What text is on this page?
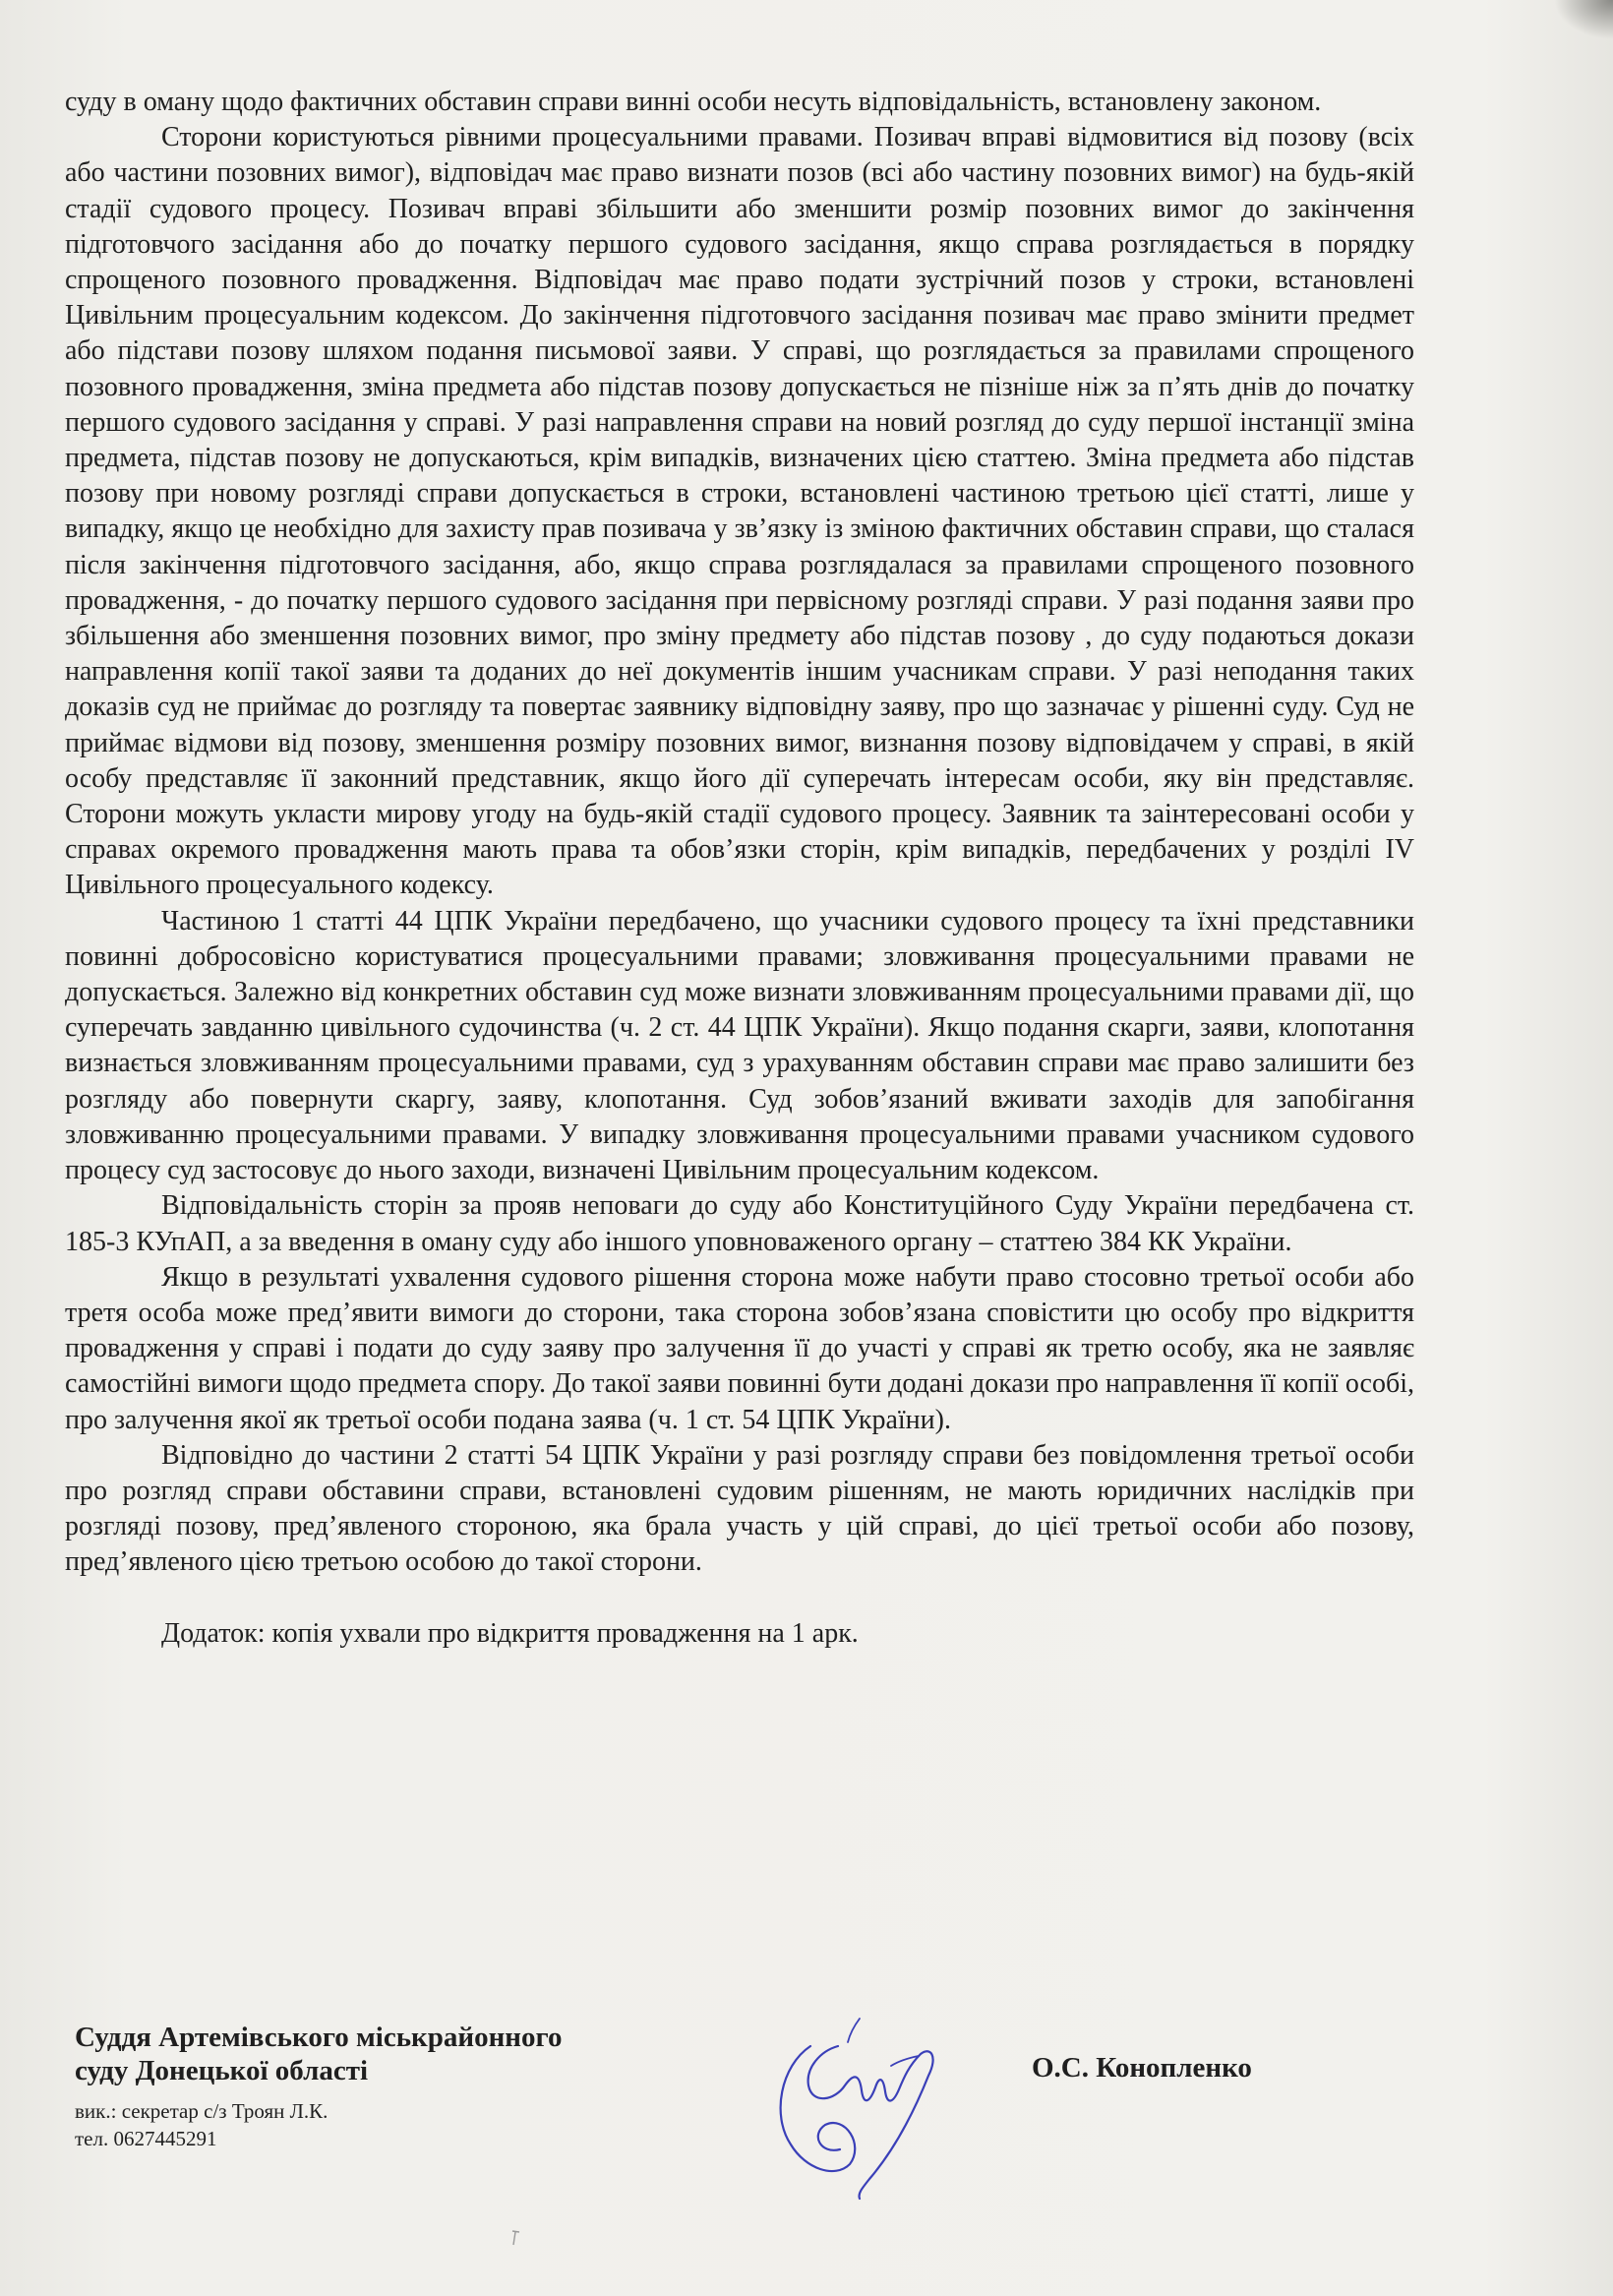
суду в оману щодо фактичних обставин справи винні особи несуть відповідальність, встановлену законом.

Сторони користуються рівними процесуальними правами. Позивач вправі відмовитися від позову (всіх або частини позовних вимог), відповідач має право визнати позов (всі або частину позовних вимог) на будь-якій стадії судового процесу. Позивач вправі збільшити або зменшити розмір позовних вимог до закінчення підготовчого засідання або до початку першого судового засідання, якщо справа розглядається в порядку спрощеного позовного провадження. Відповідач має право подати зустрічний позов у строки, встановлені Цивільним процесуальним кодексом. До закінчення підготовчого засідання позивач має право змінити предмет або підстави позову шляхом подання письмової заяви. У справі, що розглядається за правилами спрощеного позовного провадження, зміна предмета або підстав позову допускається не пізніше ніж за п’ять днів до початку першого судового засідання у справі. У разі направлення справи на новий розгляд до суду першої інстанції зміна предмета, підстав позову не допускаються, крім випадків, визначених цією статтею. Зміна предмета або підстав позову при новому розгляді справи допускається в строки, встановлені частиною третьою цієї статті, лише у випадку, якщо це необхідно для захисту прав позивача у зв’язку із зміною фактичних обставин справи, що сталася після закінчення підготовчого засідання, або, якщо справа розглядалася за правилами спрощеного позовного провадження, - до початку першого судового засідання при первісному розгляді справи. У разі подання заяви про збільшення або зменшення позовних вимог, про зміну предмету або підстав позову , до суду подаються докази направлення копії такої заяви та доданих до неї документів іншим учасникам справи. У разі неподання таких доказів суд не приймає до розгляду та повертає заявнику відповідну заяву, про що зазначає у рішенні суду. Суд не приймає відмови від позову, зменшення розміру позовних вимог, визнання позову відповідачем у справі, в якій особу представляє її законний представник, якщо його дії суперечать інтересам особи, яку він представляє. Сторони можуть укласти мирову угоду на будь-якій стадії судового процесу. Заявник та заінтересовані особи у справах окремого провадження мають права та обов’язки сторін, крім випадків, передбачених у розділі IV Цивільного процесуального кодексу.

Частиною 1 статті 44 ЦПК України передбачено, що учасники судового процесу та їхні представники повинні добросовісно користуватися процесуальними правами; зловживання процесуальними правами не допускається. Залежно від конкретних обставин суд може визнати зловживанням процесуальними правами дії, що суперечать завданню цивільного судочинства (ч. 2 ст. 44 ЦПК України). Якщо подання скарги, заяви, клопотання визнається зловживанням процесуальними правами, суд з урахуванням обставин справи має право залишити без розгляду або повернути скаргу, заяву, клопотання. Суд зобов’язаний вживати заходів для запобігання зловживанню процесуальними правами. У випадку зловживання процесуальними правами учасником судового процесу суд застосовує до нього заходи, визначені Цивільним процесуальним кодексом.

Відповідальність сторін за прояв неповаги до суду або Конституційного Суду України передбачена ст. 185-3 КУпАП, а за введення в оману суду або іншого уповноваженого органу – статтею 384 КК України.

Якщо в результаті ухвалення судового рішення сторона може набути право стосовно третьої особи або третя особа може пред’явити вимоги до сторони, така сторона зобов’язана сповістити цю особу про відкриття провадження у справі і подати до суду заяву про залучення її до участі у справі як третю особу, яка не заявляє самостійні вимоги щодо предмета спору. До такої заяви повинні бути додані докази про направлення її копії особі, про залучення якої як третьої особи подана заява (ч. 1 ст. 54 ЦПК України).

Відповідно до частини 2 статті 54 ЦПК України у разі розгляду справи без повідомлення третьої особи про розгляд справи обставини справи, встановлені судовим рішенням, не мають юридичних наслідків при розгляді позову, пред’явленого стороною, яка брала участь у цій справі, до цієї третьої особи або позову, пред’явленого цією третьою особою до такої сторони.

Додаток: копія ухвали про відкриття провадження на 1 арк.

Суддя Артемівського міськрайонного
суду Донецької області
вик.: секретар с/з Троян Л.К.
тел. 0627445291
О.С. Конопленко
